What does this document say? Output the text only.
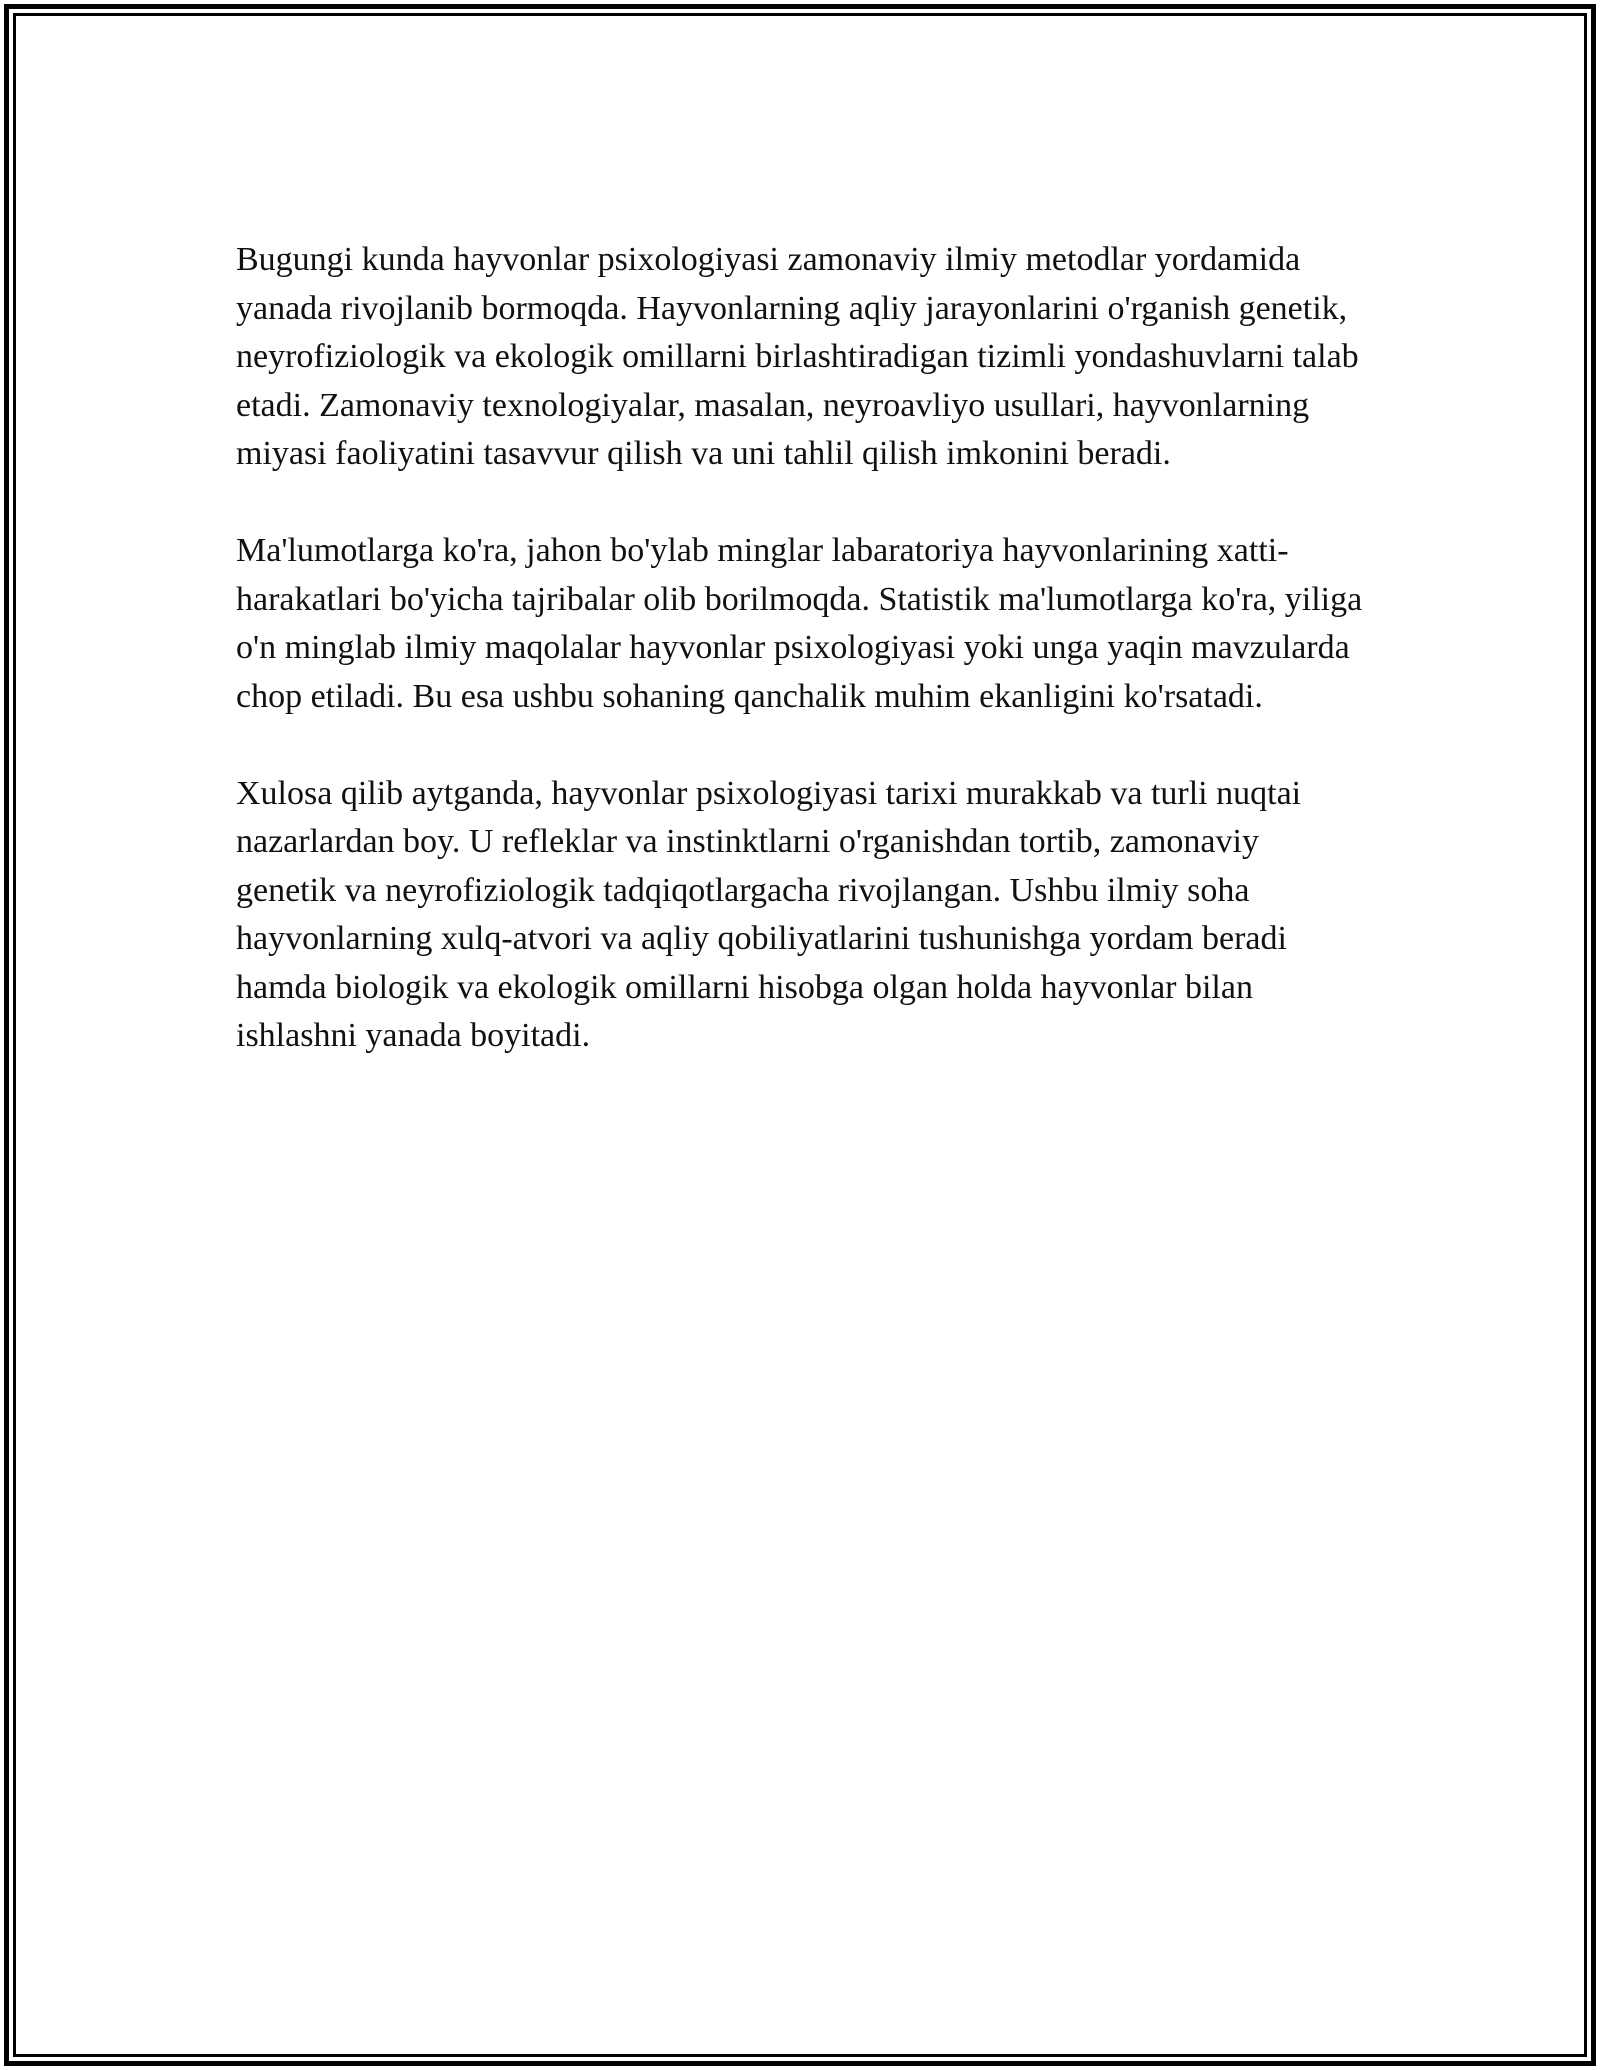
Bugungi kunda hayvonlar psixologiyasi zamonaviy ilmiy metodlar yordamida yanada rivojlanib bormoqda. Hayvonlarning aqliy jarayonlarini o'rganish genetik, neyrofiziologik va ekologik omillarni birlashtiradigan tizimli yondashuvlarni talab etadi. Zamonaviy texnologiyalar, masalan, neyroavliyo usullari, hayvonlarning miyasi faoliyatini tasavvur qilish va uni tahlil qilish imkonini beradi.

Ma'lumotlarga ko'ra, jahon bo'ylab minglar labaratoriya hayvonlarining xatti-harakatlari bo'yicha tajribalar olib borilmoqda. Statistik ma'lumotlarga ko'ra, yiliga o'n minglab ilmiy maqolalar hayvonlar psixologiyasi yoki unga yaqin mavzularda chop etiladi. Bu esa ushbu sohaning qanchalik muhim ekanligini ko'rsatadi.

Xulosa qilib aytganda, hayvonlar psixologiyasi tarixi murakkab va turli nuqtai nazarlardan boy. U refleklar va instinktlarni o'rganishdan tortib, zamonaviy genetik va neyrofiziologik tadqiqotlargacha rivojlangan. Ushbu ilmiy soha hayvonlarning xulq-atvori va aqliy qobiliyatlarini tushunishga yordam beradi hamda biologik va ekologik omillarni hisobga olgan holda hayvonlar bilan ishlashni yanada boyitadi.
